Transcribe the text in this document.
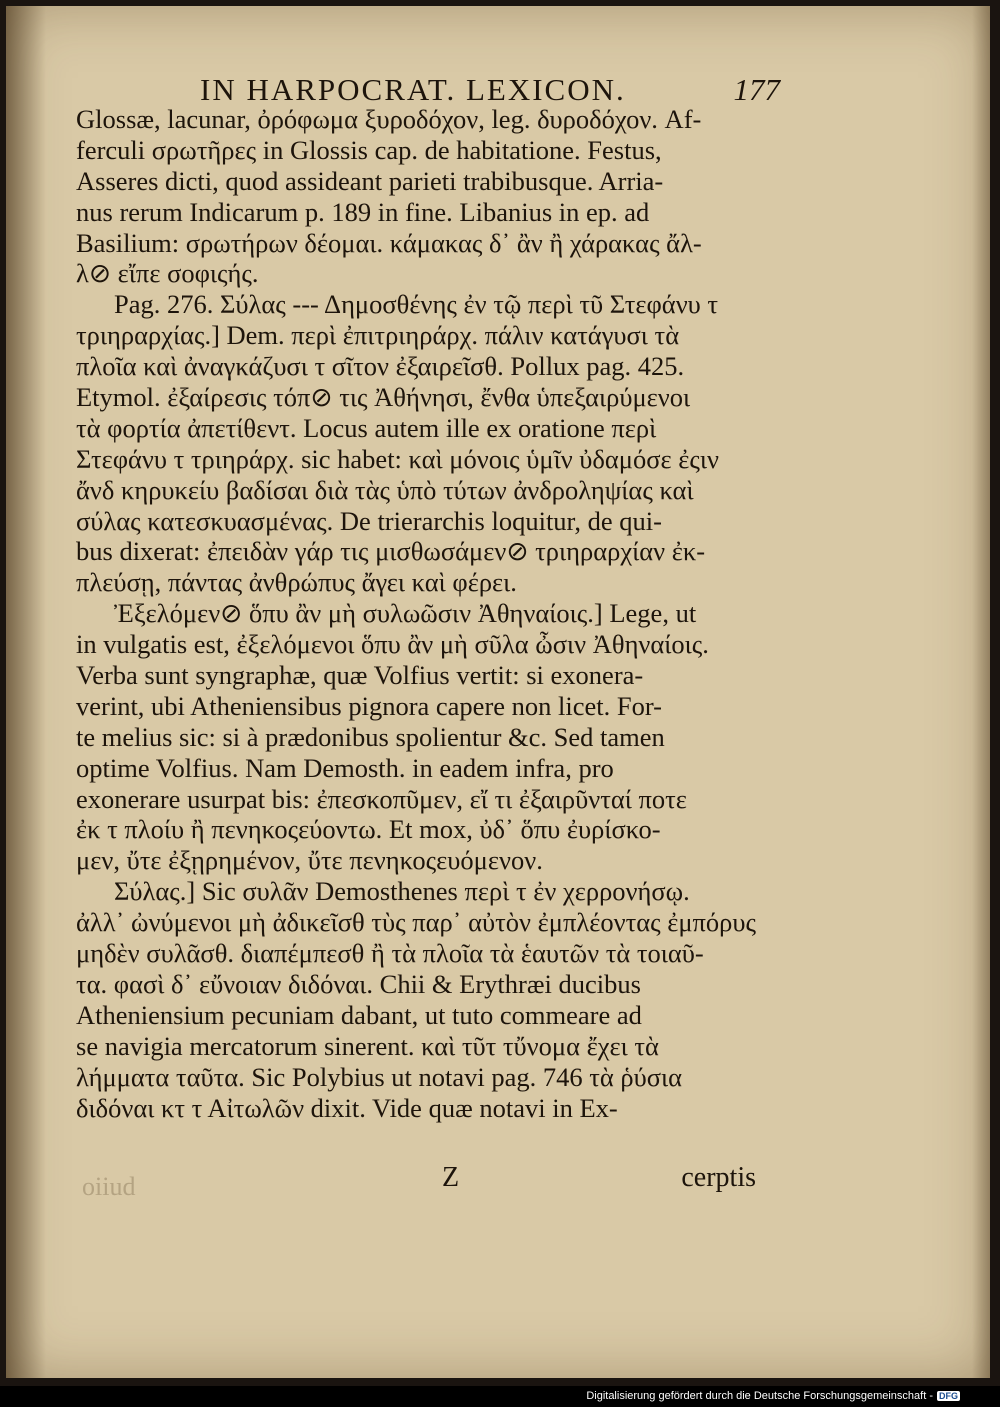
IN HARPOCRAT. LEXICON.	177
Glossæ, lacunar, ὀρόφωμα ξυροδόχον, leg. δυροδόχον. Af-
ferculi σρωτῆρες in Glossis cap. de habitatione. Festus,
Asseres dicti, quod assideant parieti trabibusque. Arria-
nus rerum Indicarum p. 189 in fine. Libanius in ep. ad
Basilium: σρωτήρων δέομαι. κάμακας δ᾽ ἂν ἢ χάρακας ἄλ-
λ⊘ εἴπε σοφιςής.
Pag. 276. Σύλας --- Δημοσθένης ἐν τῷ περὶ τῦ Στεφάνυ τ
τριηραρχίας.] Dem. περὶ ἐπιτριηράρχ. πάλιν κατάγυσι τὰ
πλοῖα καὶ ἀναγκάζυσι τ σῖτον ἐξαιρεῖσθ. Pollux pag. 425.
Etymol. ἐξαίρεσις τόπ⊘ τις Ἀθήνησι, ἔνθα ὑπεξαιρύμενοι
τὰ φορτία ἀπετίθεντ. Locus autem ille ex oratione περὶ
Στεφάνυ τ τριηράρχ. sic habet: καὶ μόνοις ὑμῖν ὐδαμόσε ἐςιν
ἄνδ κηρυκείυ βαδίσαι διὰ τὰς ὑπὸ τύτων ἀνδροληψίας καὶ
σύλας κατεσκυασμένας. De trierarchis loquitur, de qui-
bus dixerat: ἐπειδὰν γάρ τις μισθωσάμεν⊘ τριηραρχίαν ἐκ-
πλεύσῃ, πάντας ἀνθρώπυς ἄγει καὶ φέρει.
Ἐξελόμεν⊘ ὅπυ ἂν μὴ συλωῶσιν Ἀθηναίοις.] Lege, ut
in vulgatis est, ἐξελόμενοι ὅπυ ἂν μὴ σῦλα ὦσιν Ἀθηναίοις.
Verba sunt syngraphæ, quæ Volfius vertit: si exonera-
verint, ubi Atheniensibus pignora capere non licet. For-
te melius sic: si à prædonibus spolientur &c. Sed tamen
optime Volfius. Nam Demosth. in eadem infra, pro
exonerare usurpat bis: ἐπεσκοπῦμεν, εἴ τι ἐξαιρῦνταί ποτε
ἐκ τ πλοίυ ἢ πενηκοςεύοντω. Et mox, ὐδ᾽ ὅπυ ἐυρίσκο-
μεν, ὔτε ἐξῃρημένον, ὔτε πενηκοςευόμενον.
Σύλας.] Sic συλᾶν Demosthenes περὶ τ ἐν χερρονήσῳ.
ἀλλ᾽ ὠνύμενοι μὴ ἀδικεῖσθ τὺς παρ᾽ αὐτὸν ἐμπλέοντας ἐμπόρυς
μηδὲν συλᾶσθ. διαπέμπεσθ ἢ τὰ πλοῖα τὰ ἑαυτῶν τὰ τοιαῦ-
τα. φασὶ δ᾽ εὔνοιαν διδόναι. Chii & Erythræi ducibus
Atheniensium pecuniam dabant, ut tuto commeare ad
se navigia mercatorum sinerent. καὶ τῦτ τὔνομα ἔχει τὰ
λήμματα ταῦτα. Sic Polybius ut notavi pag. 746 τὰ ῥύσια
διδόναι κτ τ Αἰτωλῶν dixit. Vide quæ notavi in Ex-
oiiud	Z	cerptis
Digitalisierung gefördert durch die Deutsche Forschungsgemeinschaft - DFG
